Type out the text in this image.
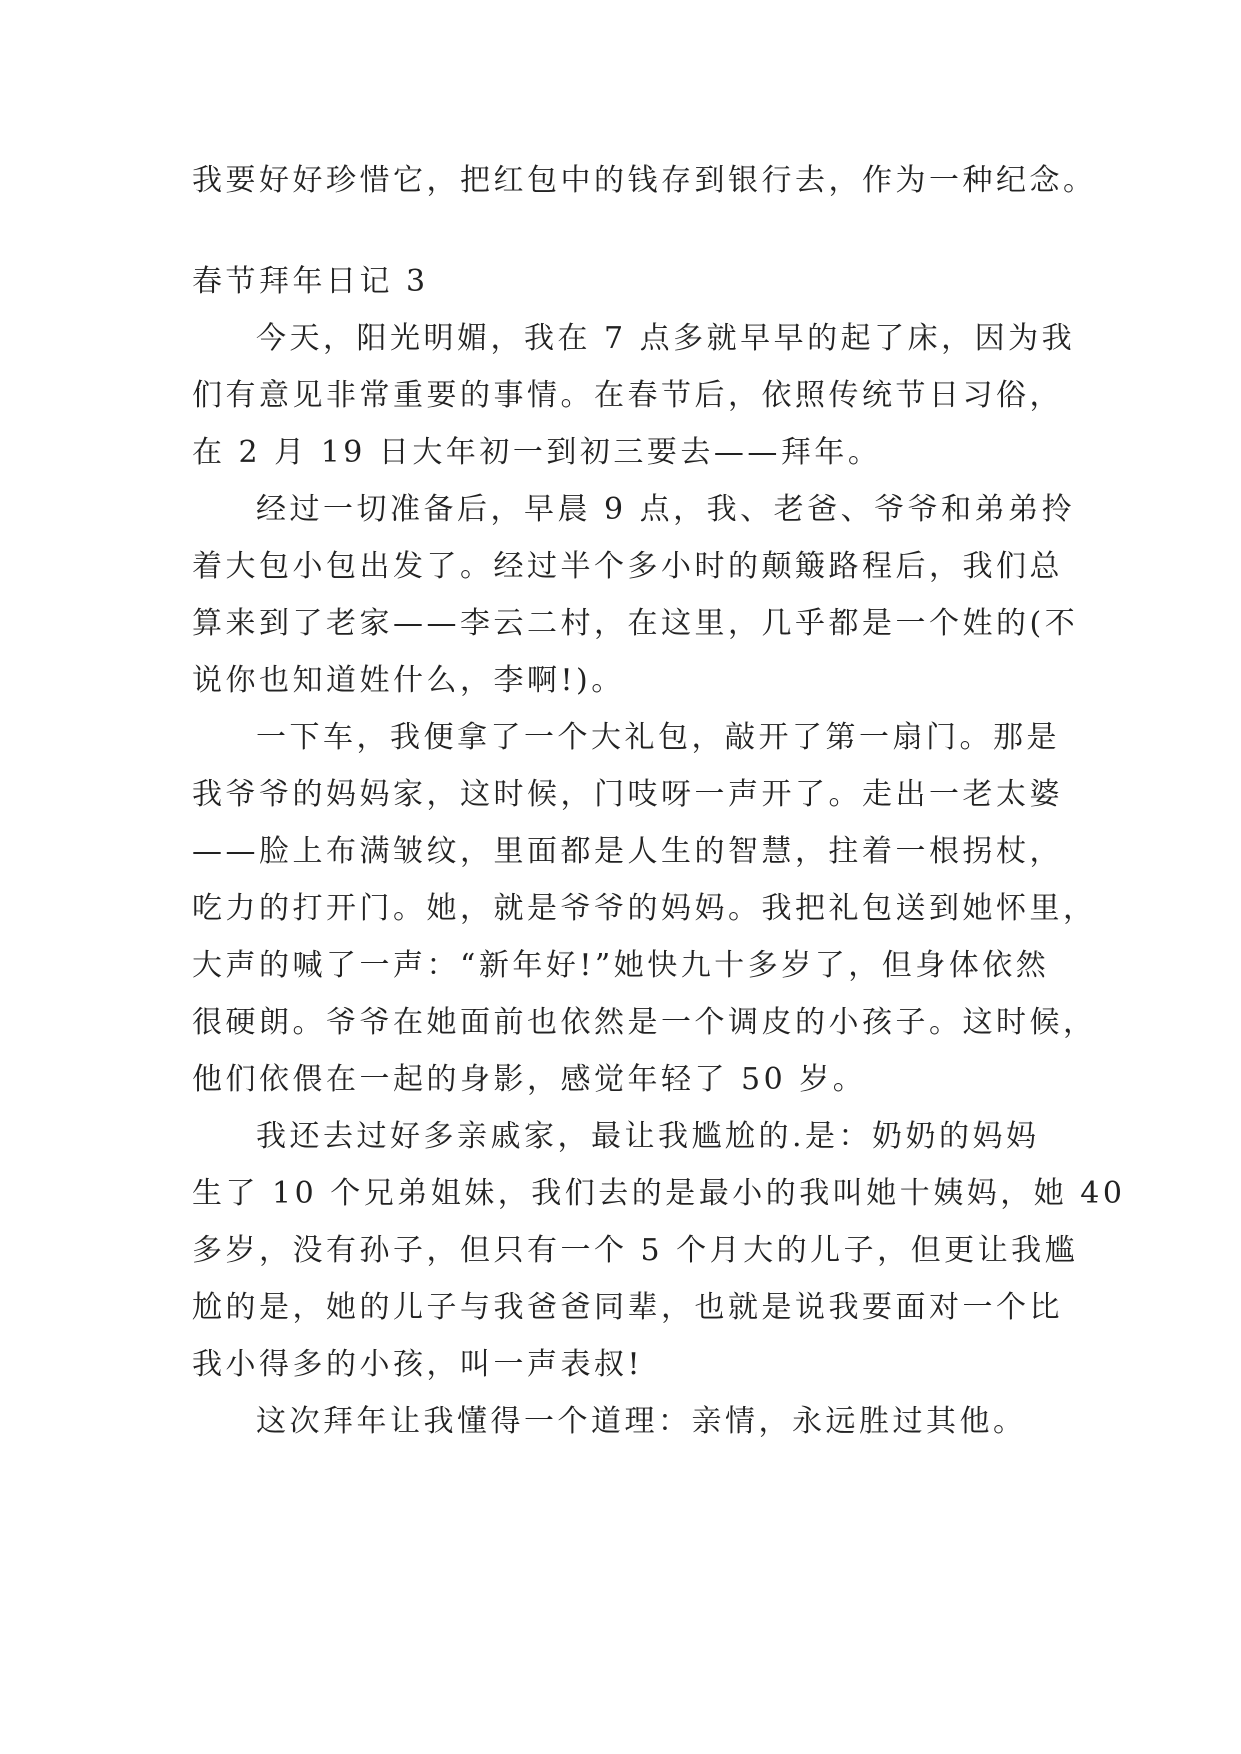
我要好好珍惜它，把红包中的钱存到银行去，作为一种纪念。
春节拜年日记 3
今天，阳光明媚，我在 7 点多就早早的起了床，因为我
们有意见非常重要的事情。在春节后，依照传统节日习俗，
在 2 月 19 日大年初一到初三要去——拜年。
经过一切准备后，早晨 9 点，我、老爸、爷爷和弟弟拎
着大包小包出发了。经过半个多小时的颠簸路程后，我们总
算来到了老家——李云二村，在这里，几乎都是一个姓的(不
说你也知道姓什么，李啊!)。
一下车，我便拿了一个大礼包，敲开了第一扇门。那是
我爷爷的妈妈家，这时候，门吱呀一声开了。走出一老太婆
——脸上布满皱纹，里面都是人生的智慧，拄着一根拐杖，
吃力的打开门。她，就是爷爷的妈妈。我把礼包送到她怀里，
大声的喊了一声：“新年好!”她快九十多岁了，但身体依然
很硬朗。爷爷在她面前也依然是一个调皮的小孩子。这时候，
他们依偎在一起的身影，感觉年轻了 50 岁。
我还去过好多亲戚家，最让我尴尬的.是：奶奶的妈妈
生了 10 个兄弟姐妹，我们去的是最小的我叫她十姨妈，她 40
多岁，没有孙子，但只有一个 5 个月大的儿子，但更让我尴
尬的是，她的儿子与我爸爸同辈，也就是说我要面对一个比
我小得多的小孩，叫一声表叔!
这次拜年让我懂得一个道理：亲情，永远胜过其他。
